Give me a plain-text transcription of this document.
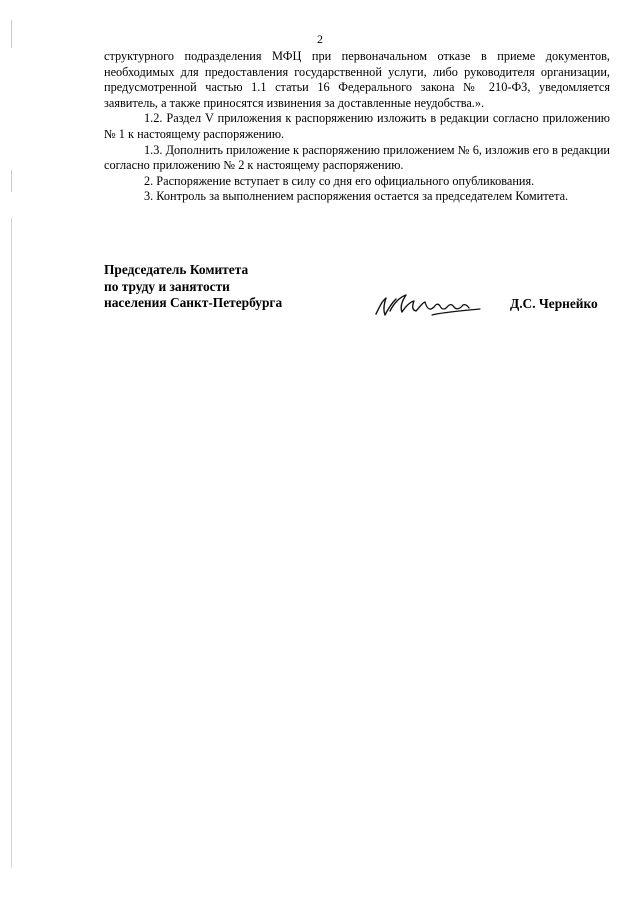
2

структурного подразделения МФЦ при первоначальном отказе в приеме документов, необходимых для предоставления государственной услуги, либо руководителя организации, предусмотренной частью 1.1 статьи 16 Федерального закона № 210-ФЗ, уведомляется заявитель, а также приносятся извинения за доставленные неудобства.».

1.2. Раздел V приложения к распоряжению изложить в редакции согласно приложению № 1 к настоящему распоряжению.

1.3. Дополнить приложение к распоряжению приложением № 6, изложив его в редакции согласно приложению № 2 к настоящему распоряжению.

2. Распоряжение вступает в силу со дня его официального опубликования.

3. Контроль за выполнением распоряжения остается за председателем Комитета.

Председатель Комитета
по труду и занятости
населения Санкт-Петербурга	Д.С. Чернейко
